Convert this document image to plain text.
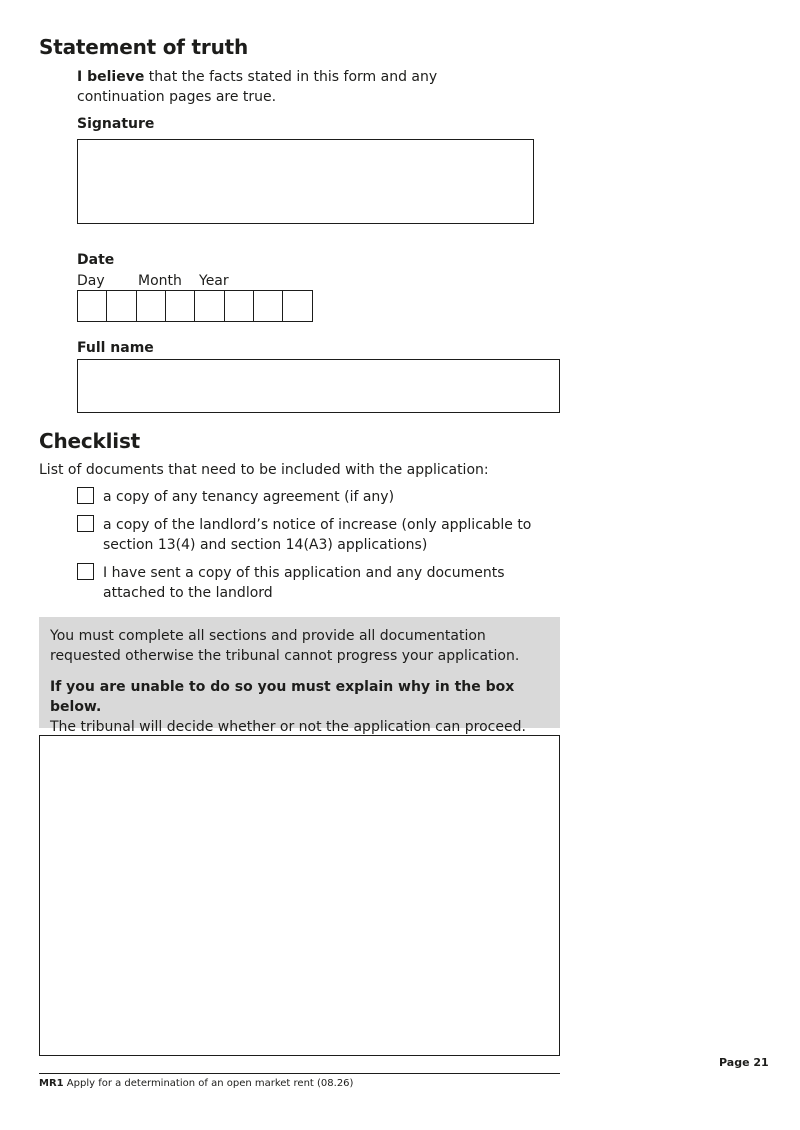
Statement of truth
I believe that the facts stated in this form and any
continuation pages are true.
Signature
Date
Day Month Year
Full name
Checklist
List of documents that need to be included with the application:
a copy of any tenancy agreement (if any)
a copy of the landlord’s notice of increase (only applicable to
section 13(4) and section 14(A3) applications)
I have sent a copy of this application and any documents
attached to the landlord

You must complete all sections and provide all documentation

requested otherwise the tribunal cannot progress your application.

If you are unable to do so you must explain why in the box below.

The tribunal will decide whether or not the application can proceed.

Page 21
MR1 Apply for a determination of an open market rent (08.26)
